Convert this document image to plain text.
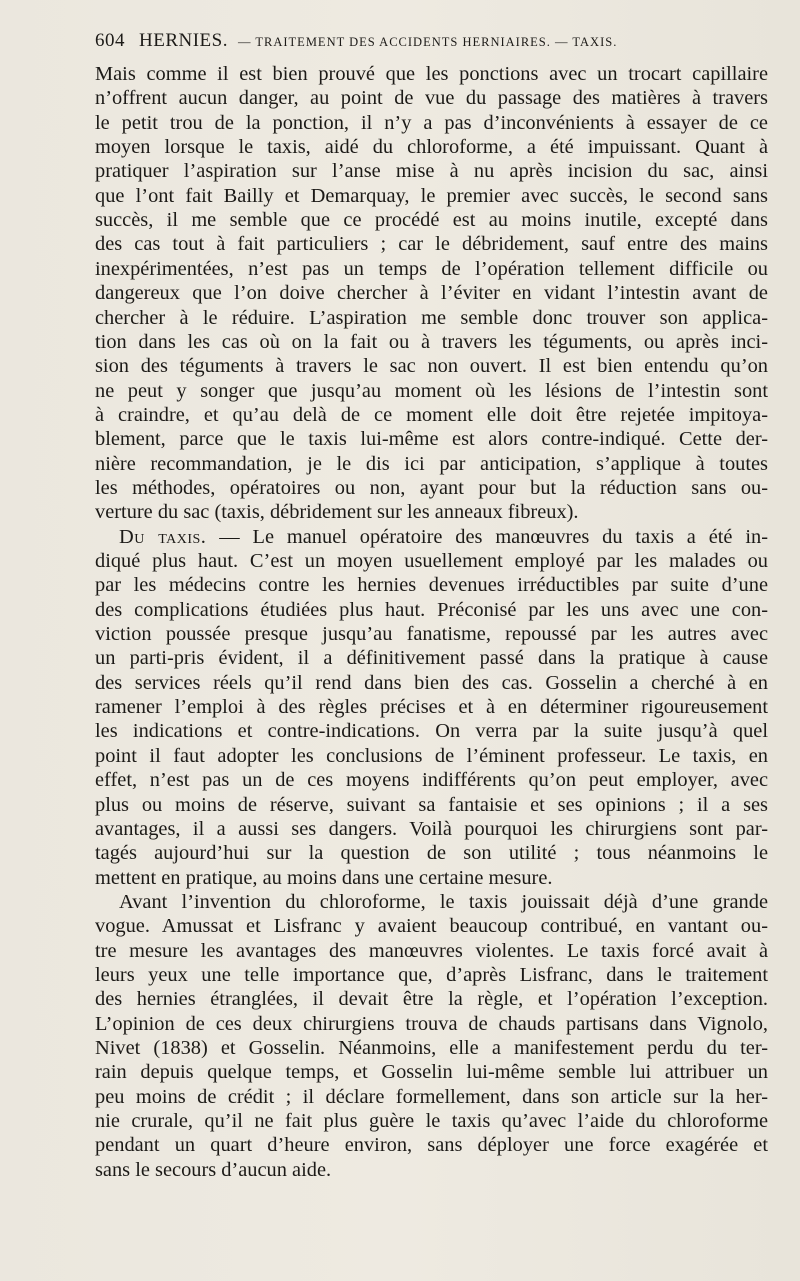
604 HERNIES. — TRAITEMENT DES ACCIDENTS HERNIAIRES. — TAXIS.
Mais comme il est bien prouvé que les ponctions avec un trocart capillaire
n’offrent aucun danger, au point de vue du passage des matières à travers
le petit trou de la ponction, il n’y a pas d’inconvénients à essayer de ce
moyen lorsque le taxis, aidé du chloroforme, a été impuissant. Quant à
pratiquer l’aspiration sur l’anse mise à nu après incision du sac, ainsi
que l’ont fait Bailly et Demarquay, le premier avec succès, le second sans
succès, il me semble que ce procédé est au moins inutile, excepté dans
des cas tout à fait particuliers ; car le débridement, sauf entre des mains
inexpérimentées, n’est pas un temps de l’opération tellement difficile ou
dangereux que l’on doive chercher à l’éviter en vidant l’intestin avant de
chercher à le réduire. L’aspiration me semble donc trouver son applica-
tion dans les cas où on la fait ou à travers les téguments, ou après inci-
sion des téguments à travers le sac non ouvert. Il est bien entendu qu’on
ne peut y songer que jusqu’au moment où les lésions de l’intestin sont
à craindre, et qu’au delà de ce moment elle doit être rejetée impitoya-
blement, parce que le taxis lui-même est alors contre-indiqué. Cette der-
nière recommandation, je le dis ici par anticipation, s’applique à toutes
les méthodes, opératoires ou non, ayant pour but la réduction sans ou-
verture du sac (taxis, débridement sur les anneaux fibreux).
Du taxis. — Le manuel opératoire des manœuvres du taxis a été in-
diqué plus haut. C’est un moyen usuellement employé par les malades ou
par les médecins contre les hernies devenues irréductibles par suite d’une
des complications étudiées plus haut. Préconisé par les uns avec une con-
viction poussée presque jusqu’au fanatisme, repoussé par les autres avec
un parti-pris évident, il a définitivement passé dans la pratique à cause
des services réels qu’il rend dans bien des cas. Gosselin a cherché à en
ramener l’emploi à des règles précises et à en déterminer rigoureusement
les indications et contre-indications. On verra par la suite jusqu’à quel
point il faut adopter les conclusions de l’éminent professeur. Le taxis, en
effet, n’est pas un de ces moyens indifférents qu’on peut employer, avec
plus ou moins de réserve, suivant sa fantaisie et ses opinions ; il a ses
avantages, il a aussi ses dangers. Voilà pourquoi les chirurgiens sont par-
tagés aujourd’hui sur la question de son utilité ; tous néanmoins le
mettent en pratique, au moins dans une certaine mesure.
Avant l’invention du chloroforme, le taxis jouissait déjà d’une grande
vogue. Amussat et Lisfranc y avaient beaucoup contribué, en vantant ou-
tre mesure les avantages des manœuvres violentes. Le taxis forcé avait à
leurs yeux une telle importance que, d’après Lisfranc, dans le traitement
des hernies étranglées, il devait être la règle, et l’opération l’exception.
L’opinion de ces deux chirurgiens trouva de chauds partisans dans Vignolo,
Nivet (1838) et Gosselin. Néanmoins, elle a manifestement perdu du ter-
rain depuis quelque temps, et Gosselin lui-même semble lui attribuer un
peu moins de crédit ; il déclare formellement, dans son article sur la her-
nie crurale, qu’il ne fait plus guère le taxis qu’avec l’aide du chloroforme
pendant un quart d’heure environ, sans déployer une force exagérée et
sans le secours d’aucun aide.
